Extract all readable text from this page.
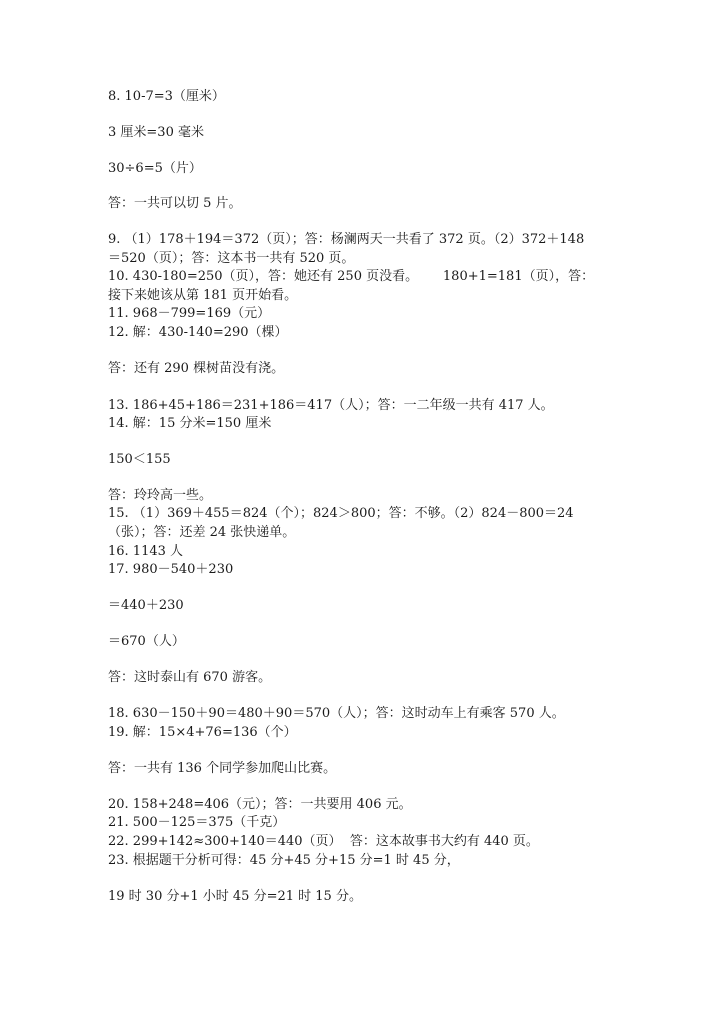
8. 10-7=3（厘米）
3 厘米=30 毫米
30÷6=5（片）
答：一共可以切 5 片。
9. （1）178＋194＝372（页）；答：杨澜两天一共看了 372 页。（2）372＋148
＝520（页）；答：这本书一共有 520 页。
10. 430-180=250（页），答：她还有 250 页没看。      180+1=181（页），答：
接下来她该从第 181 页开始看。
11. 968－799=169（元）
12. 解：430-140=290（棵）
答：还有 290 棵树苗没有浇。
13. 186+45+186＝231+186＝417（人）；答：一二年级一共有 417 人。
14. 解：15 分米=150 厘米
150＜155
答：玲玲高一些。
15. （1）369＋455＝824（个）；824＞800；答：不够。（2）824－800＝24
（张）；答：还差 24 张快递单。
16. 1143 人
17. 980－540＋230
＝440＋230
＝670（人）
答：这时泰山有 670 游客。
18. 630－150＋90＝480＋90＝570（人）；答：这时动车上有乘客 570 人。
19. 解：15×4+76=136（个）
答：一共有 136 个同学参加爬山比赛。
20. 158+248=406（元）；答：一共要用 406 元。
21. 500－125＝375（千克）
22. 299+142≈300+140＝440（页）  答：这本故事书大约有 440 页。
23. 根据题干分析可得：45 分+45 分+15 分=1 时 45 分，
19 时 30 分+1 小时 45 分=21 时 15 分。
